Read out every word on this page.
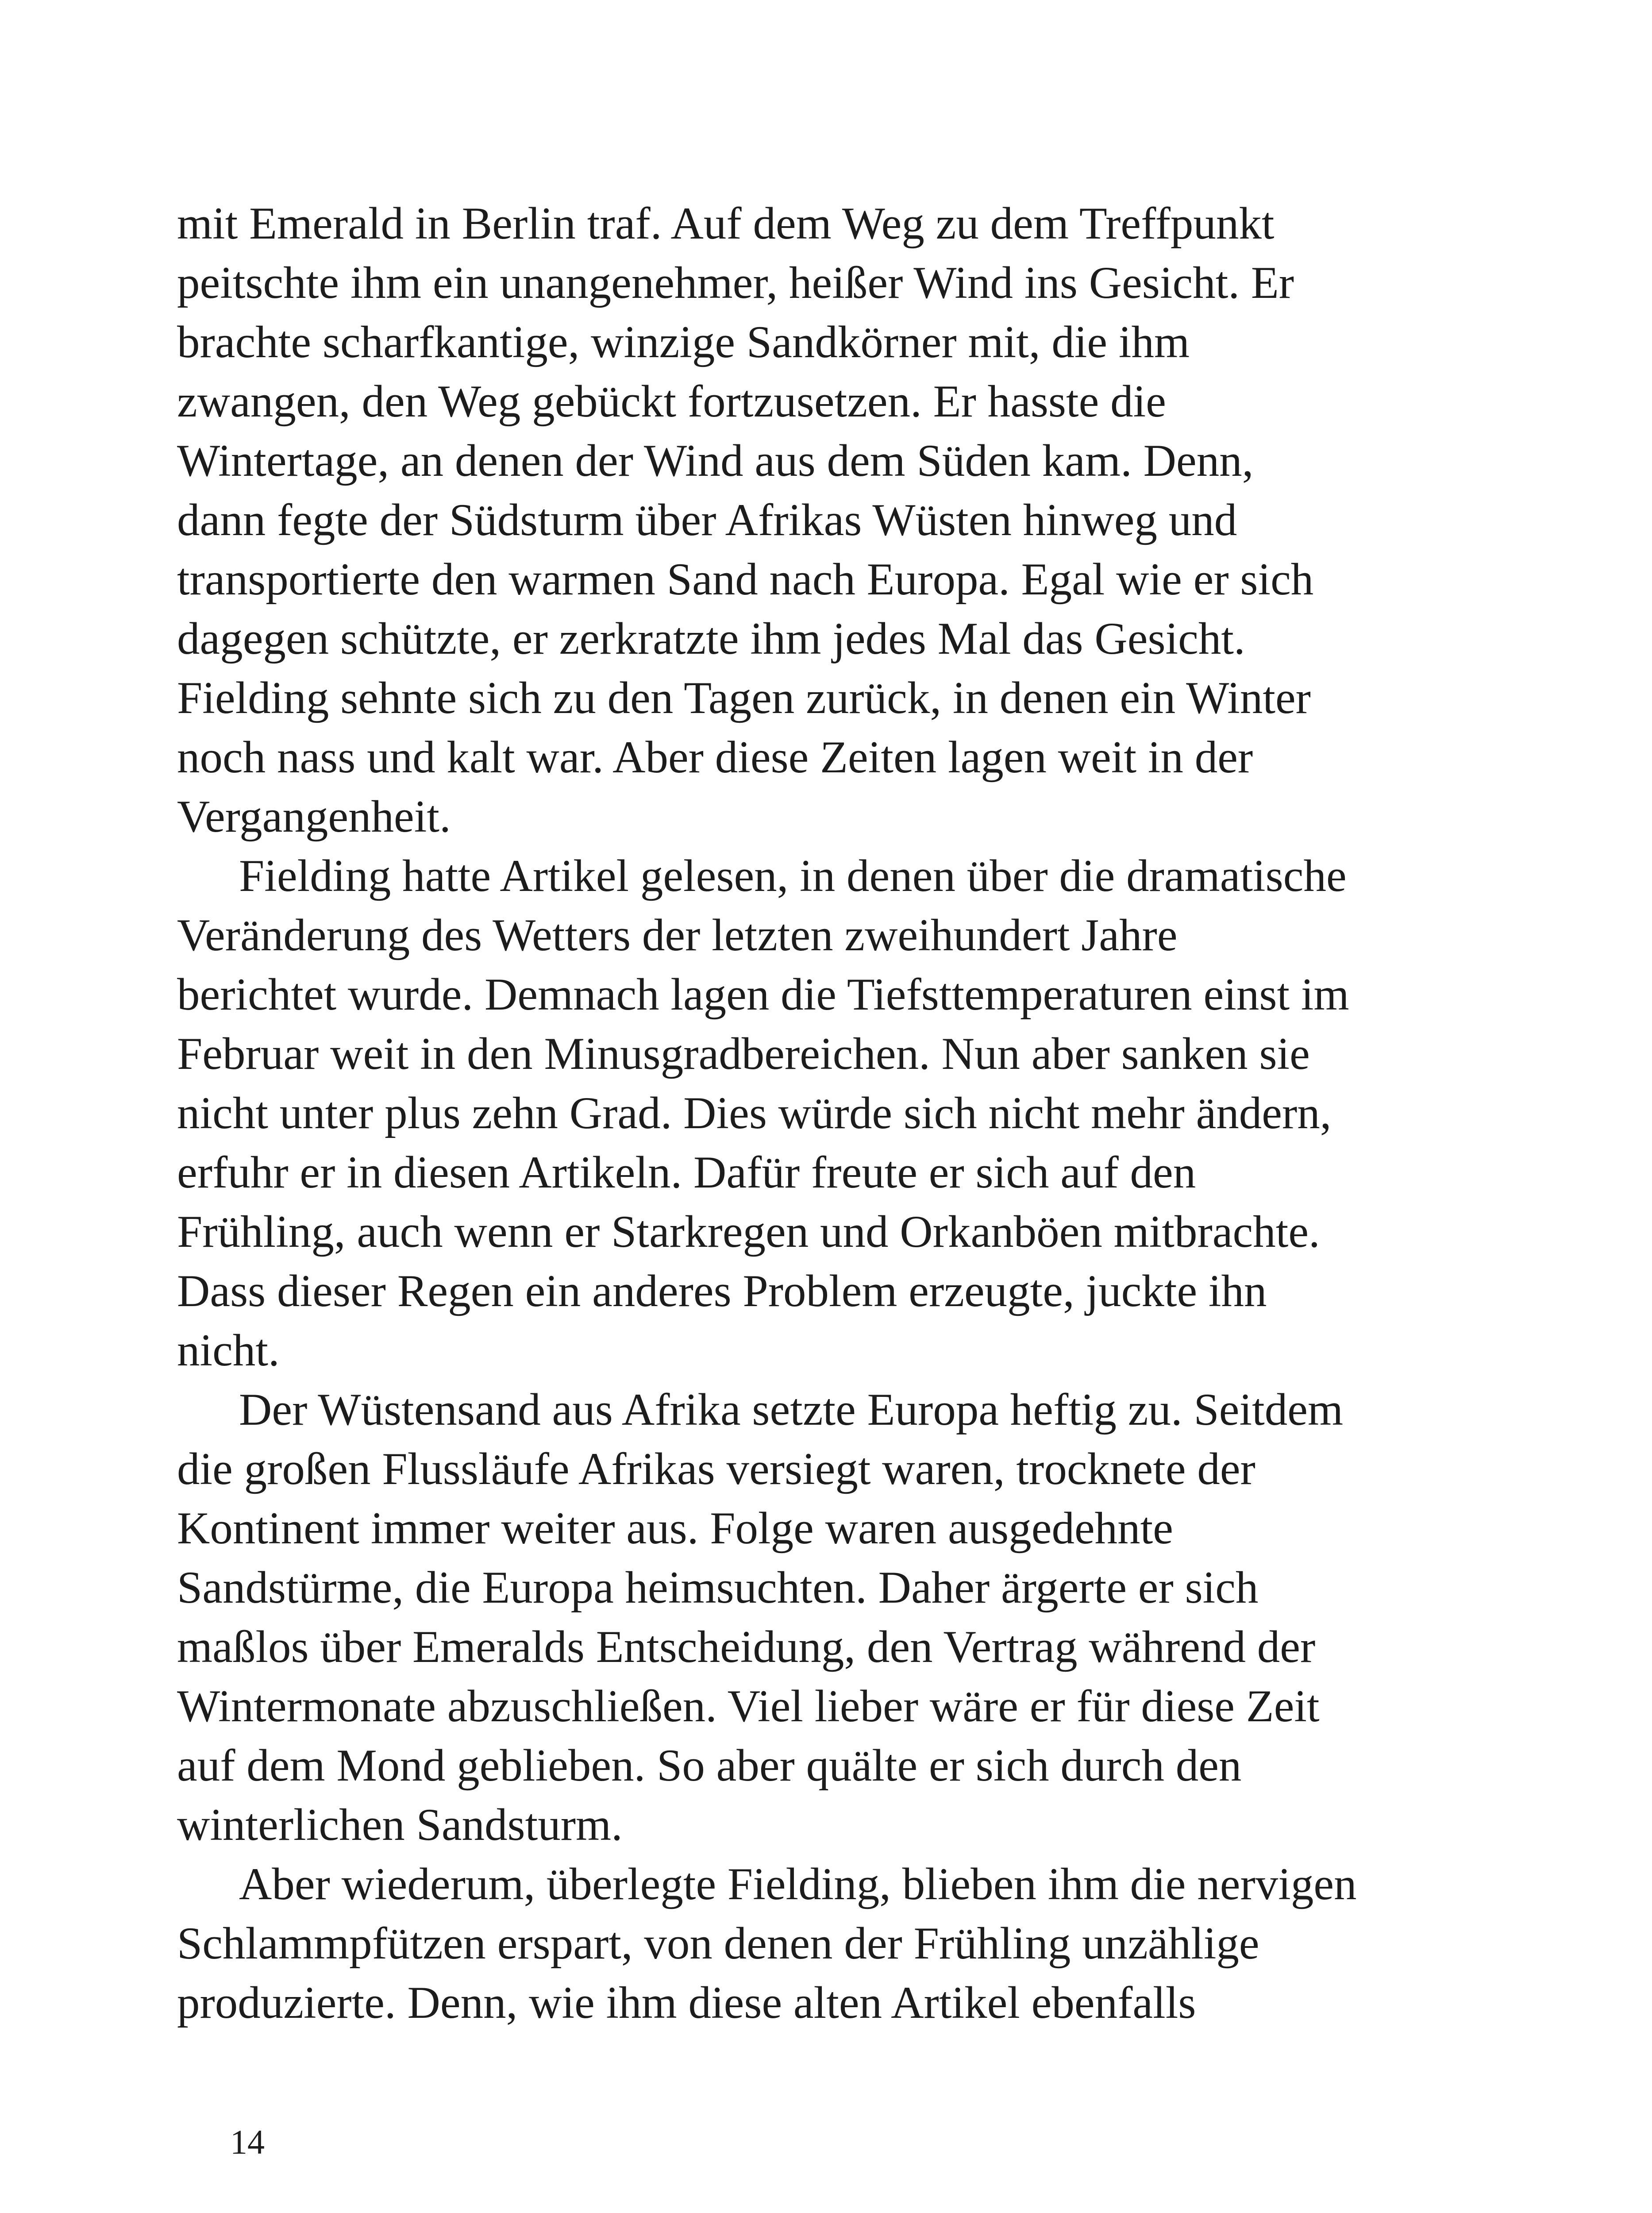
mit Emerald in Berlin traf. Auf dem Weg zu dem Treffpunkt
peitschte ihm ein unangenehmer, heißer Wind ins Gesicht. Er
brachte scharfkantige, winzige Sandkörner mit, die ihm
zwangen, den Weg gebückt fortzusetzen. Er hasste die
Wintertage, an denen der Wind aus dem Süden kam. Denn,
dann fegte der Südsturm über Afrikas Wüsten hinweg und
transportierte den warmen Sand nach Europa. Egal wie er sich
dagegen schützte, er zerkratzte ihm jedes Mal das Gesicht.
Fielding sehnte sich zu den Tagen zurück, in denen ein Winter
noch nass und kalt war. Aber diese Zeiten lagen weit in der
Vergangenheit.
Fielding hatte Artikel gelesen, in denen über die dramatische
Veränderung des Wetters der letzten zweihundert Jahre
berichtet wurde. Demnach lagen die Tiefsttemperaturen einst im
Februar weit in den Minusgradbereichen. Nun aber sanken sie
nicht unter plus zehn Grad. Dies würde sich nicht mehr ändern,
erfuhr er in diesen Artikeln. Dafür freute er sich auf den
Frühling, auch wenn er Starkregen und Orkanböen mitbrachte.
Dass dieser Regen ein anderes Problem erzeugte, juckte ihn
nicht.
Der Wüstensand aus Afrika setzte Europa heftig zu. Seitdem
die großen Flussläufe Afrikas versiegt waren, trocknete der
Kontinent immer weiter aus. Folge waren ausgedehnte
Sandstürme, die Europa heimsuchten. Daher ärgerte er sich
maßlos über Emeralds Entscheidung, den Vertrag während der
Wintermonate abzuschließen. Viel lieber wäre er für diese Zeit
auf dem Mond geblieben. So aber quälte er sich durch den
winterlichen Sandsturm.
Aber wiederum, überlegte Fielding, blieben ihm die nervigen
Schlammpfützen erspart, von denen der Frühling unzählige
produzierte. Denn, wie ihm diese alten Artikel ebenfalls
14
